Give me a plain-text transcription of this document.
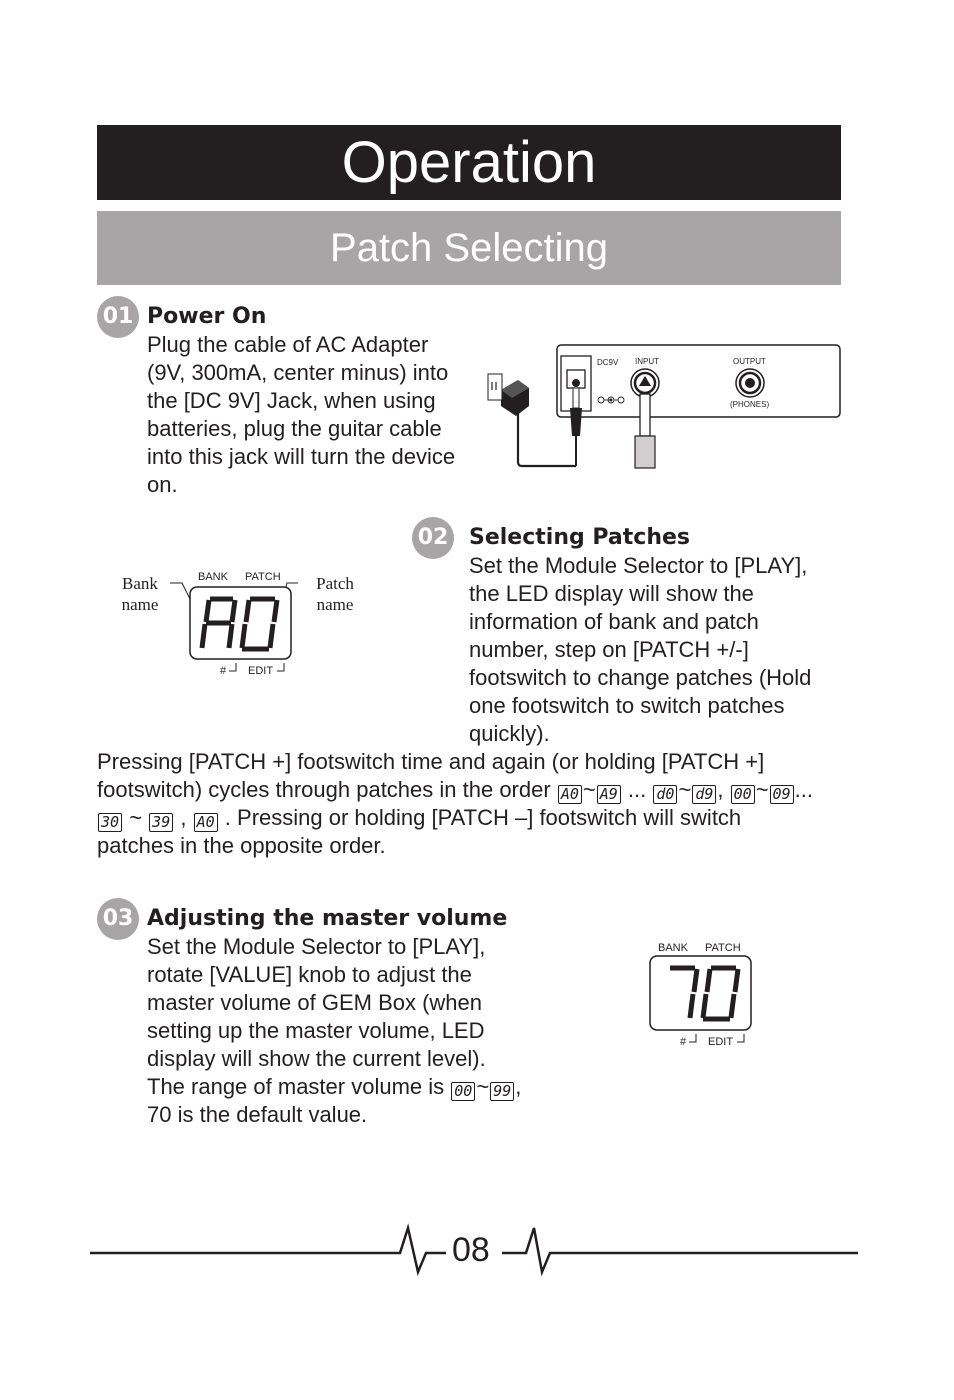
Operation
Patch Selecting
01 Power On
Plug the cable of AC Adapter
(9V, 300mA, center minus) into
the [DC 9V] Jack, when using
batteries, plug the guitar cable
into this jack will turn the device
on.
DC9V INPUT	OUTPUT
(PHONES)
Bank
name
Patch
name
BANK PATCH
# EDIT
02 Selecting Patches
Set the Module Selector to [PLAY],
the LED display will show the
information of bank and patch
number, step on [PATCH +/-]
footswitch to change patches (Hold
one footswitch to switch patches
quickly).
Pressing [PATCH +] footswitch time and again (or holding [PATCH +]
footswitch) cycles through patches in the order A0 ~ A9 ... d0 ~ d9 , 00 ~ 09 ...
30 ~ 39 , A0 . Pressing or holding [PATCH –] footswitch will switch
patches in the opposite order.
03 Adjusting the master volume
Set the Module Selector to [PLAY],
rotate [VALUE] knob to adjust the
master volume of GEM Box (when
setting up the master volume, LED
display will show the current level).
The range of master volume is 00 ~ 99 ,
70 is the default value.
BANK PATCH
# EDIT
08
